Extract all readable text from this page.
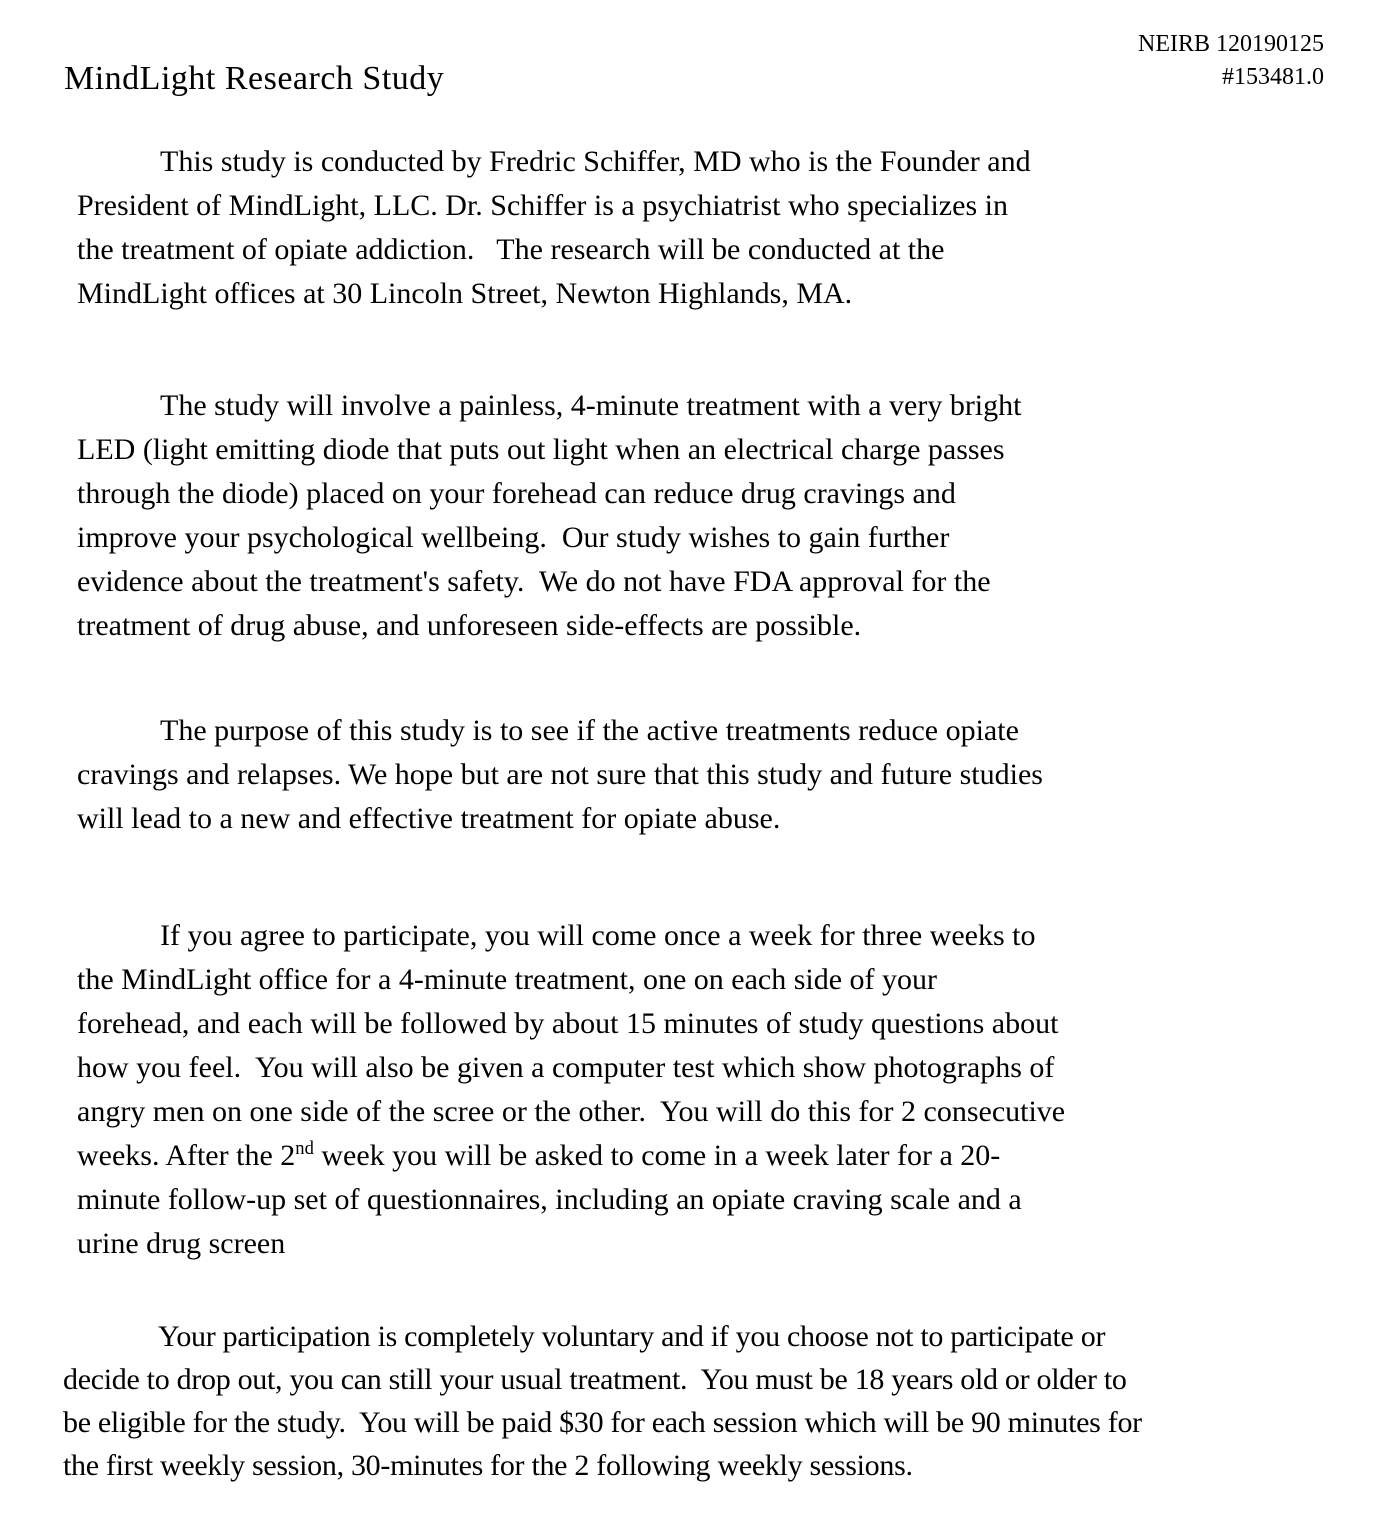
NEIRB 120190125
#153481.0
MindLight Research Study
This study is conducted by Fredric Schiffer, MD who is the Founder and
President of MindLight, LLC. Dr. Schiffer is a psychiatrist who specializes in
the treatment of opiate addiction.   The research will be conducted at the
MindLight offices at 30 Lincoln Street, Newton Highlands, MA.
The study will involve a painless, 4-minute treatment with a very bright
LED (light emitting diode that puts out light when an electrical charge passes
through the diode) placed on your forehead can reduce drug cravings and
improve your psychological wellbeing.  Our study wishes to gain further
evidence about the treatment's safety.  We do not have FDA approval for the
treatment of drug abuse, and unforeseen side-effects are possible.
The purpose of this study is to see if the active treatments reduce opiate
cravings and relapses. We hope but are not sure that this study and future studies
will lead to a new and effective treatment for opiate abuse.
If you agree to participate, you will come once a week for three weeks to
the MindLight office for a 4-minute treatment, one on each side of your
forehead, and each will be followed by about 15 minutes of study questions about
how you feel.  You will also be given a computer test which show photographs of
angry men on one side of the scree or the other.  You will do this for 2 consecutive
weeks. After the 2nd week you will be asked to come in a week later for a 20-
minute follow-up set of questionnaires, including an opiate craving scale and a
urine drug screen
Your participation is completely voluntary and if you choose not to participate or
decide to drop out, you can still your usual treatment.  You must be 18 years old or older to
be eligible for the study.  You will be paid $30 for each session which will be 90 minutes for
the first weekly session, 30-minutes for the 2 following weekly sessions.
